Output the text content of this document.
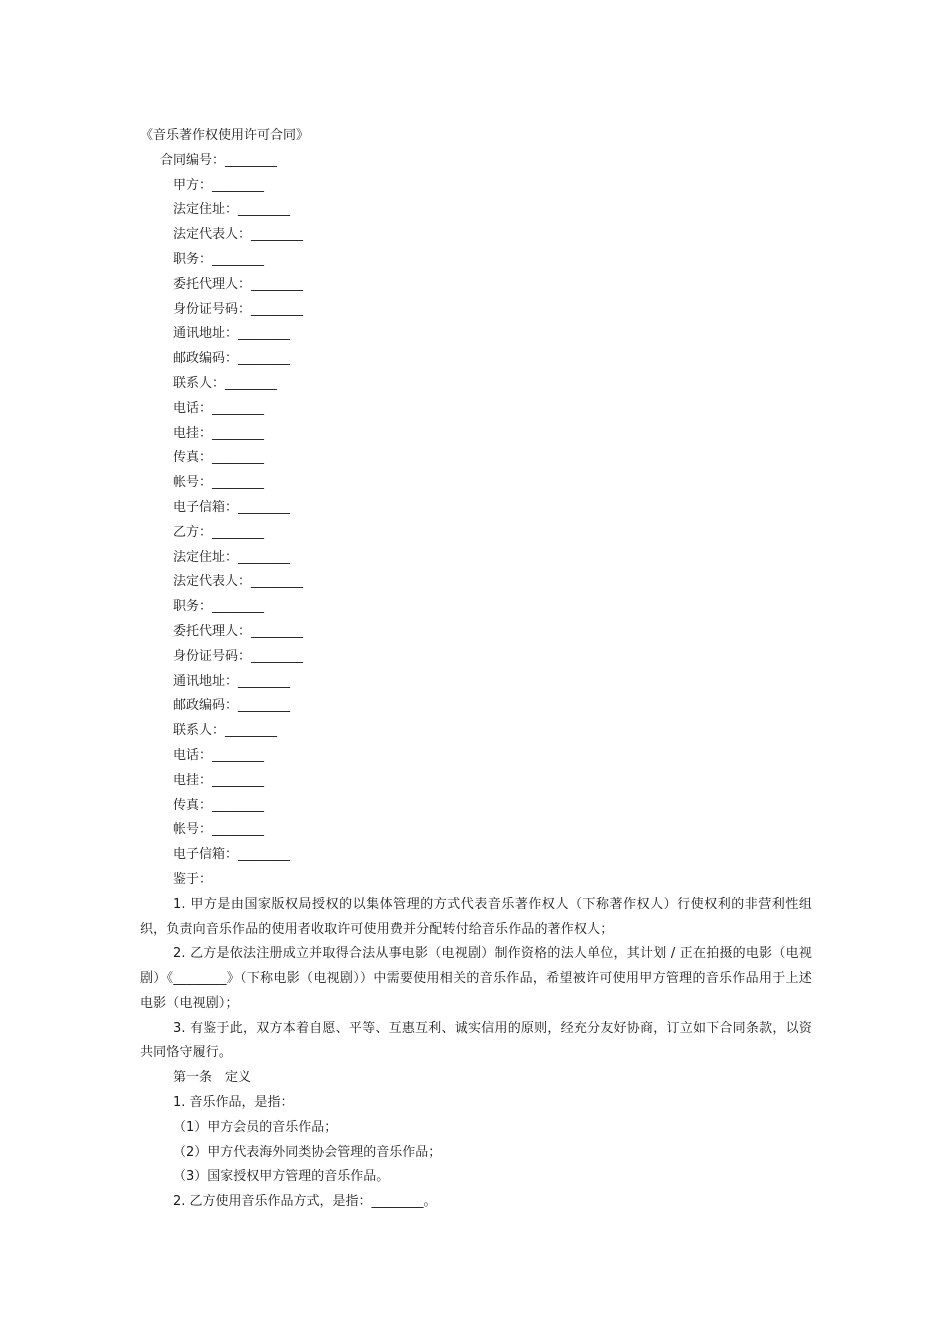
《音乐著作权使用许可合同》

合同编号：________

甲方：________

法定住址：________

法定代表人：________

职务：________

委托代理人：________

身份证号码：________

通讯地址：________

邮政编码：________

联系人：________

电话：________

电挂：________

传真：________

帐号：________

电子信箱：________

乙方：________

法定住址：________

法定代表人：________

职务：________

委托代理人：________

身份证号码：________

通讯地址：________

邮政编码：________

联系人：________

电话：________

电挂：________

传真：________

帐号：________

电子信箱：________

鉴于：

1. 甲方是由国家版权局授权的以集体管理的方式代表音乐著作权人（下称著作权人）行使权利的非营利性组织，负责向音乐作品的使用者收取许可使用费并分配转付给音乐作品的著作权人；

2. 乙方是依法注册成立并取得合法从事电影（电视剧）制作资格的法人单位，其计划 / 正在拍摄的电影（电视剧）《________》（下称电影（电视剧））中需要使用相关的音乐作品，希望被许可使用甲方管理的音乐作品用于上述电影（电视剧）；

3. 有鉴于此，双方本着自愿、平等、互惠互利、诚实信用的原则，经充分友好协商，订立如下合同条款，以资共同恪守履行。

第一条　定义

1. 音乐作品，是指：

（1）甲方会员的音乐作品；

（2）甲方代表海外同类协会管理的音乐作品；

（3）国家授权甲方管理的音乐作品。

2. 乙方使用音乐作品方式，是指：________。
